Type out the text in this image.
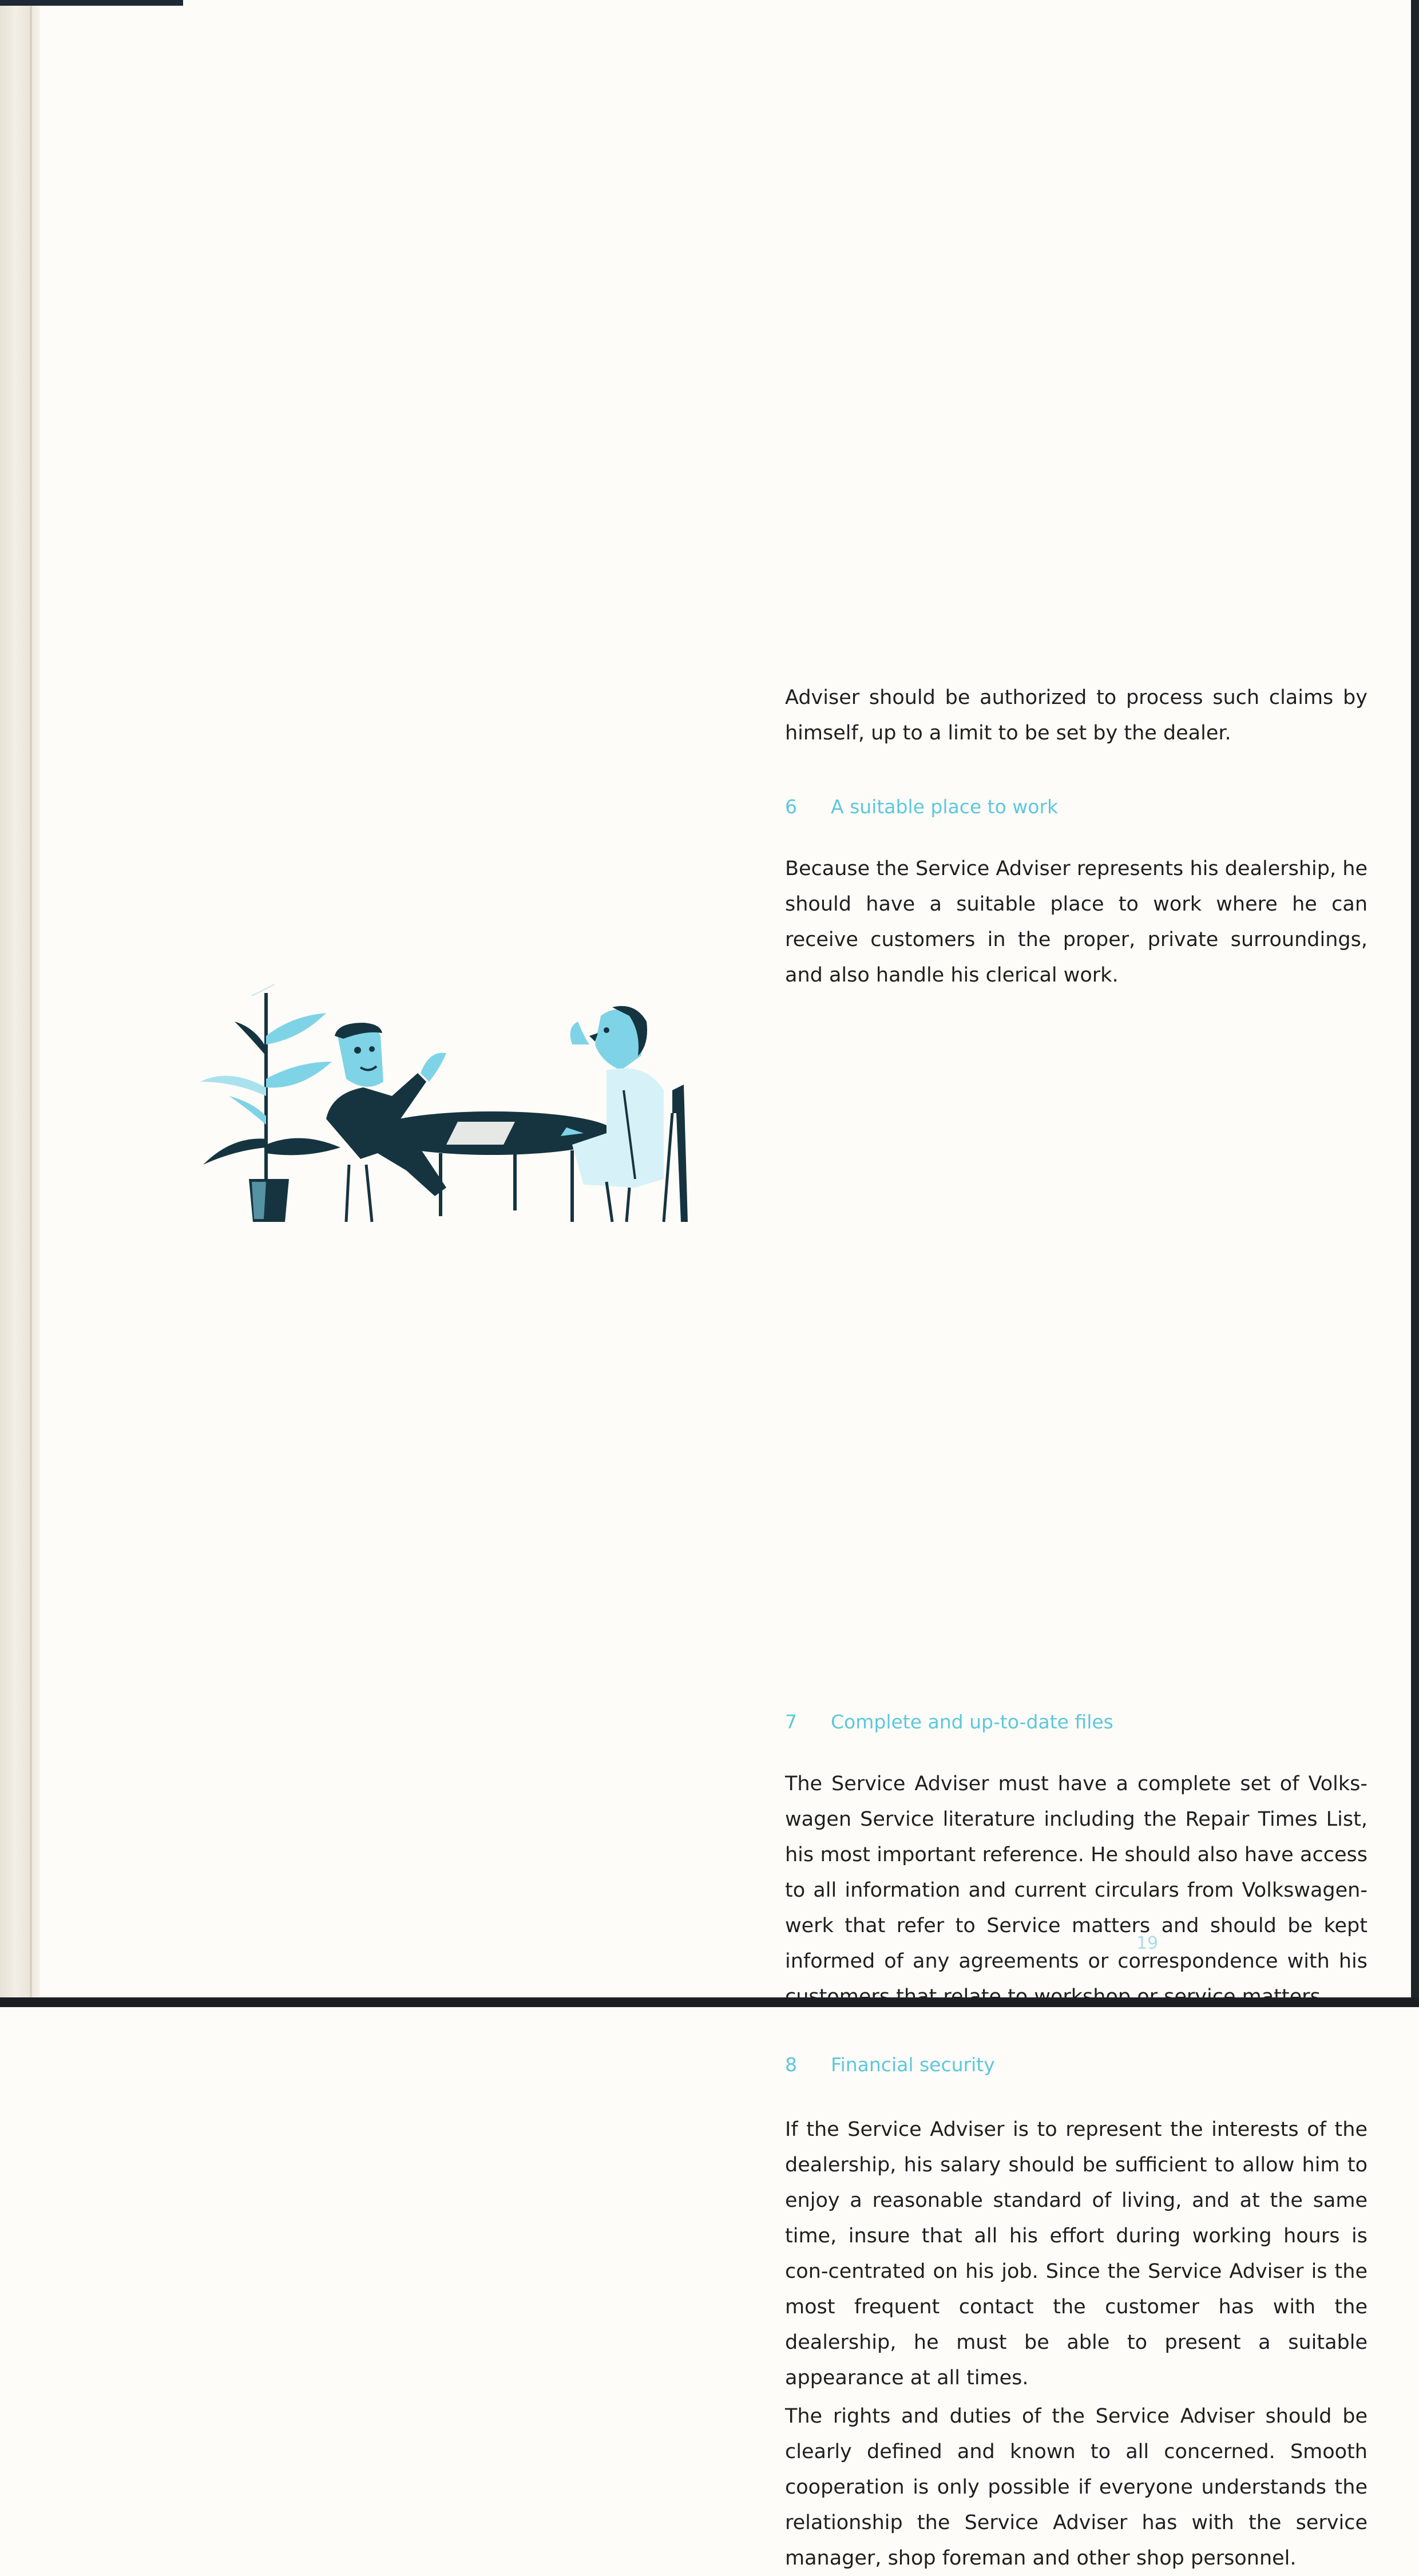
Adviser should be authorized to process such claims by himself, up to a limit to be set by the dealer.

6	A suitable place to work

Because the Service Adviser represents his dealership, he should have a suitable place to work where he can receive customers in the proper, private surroundings, and also handle his clerical work.

7	Complete and up-to-date files

The Service Adviser must have a complete set of Volks-wagen Service literature including the Repair Times List, his most important reference. He should also have access to all information and current circulars from Volkswagen-werk that refer to Service matters and should be kept informed of any agreements or correspondence with his customers that relate to workshop or service matters.

8	Financial security

If the Service Adviser is to represent the interests of the dealership, his salary should be sufficient to allow him to enjoy a reasonable standard of living, and at the same time, insure that all his effort during working hours is con-centrated on his job. Since the Service Adviser is the most frequent contact the customer has with the dealership, he must be able to present a suitable appearance at all times.

The rights and duties of the Service Adviser should be clearly defined and known to all concerned. Smooth cooperation is only possible if everyone understands the relationship the Service Adviser has with the service manager, shop foreman and other shop personnel.

19
